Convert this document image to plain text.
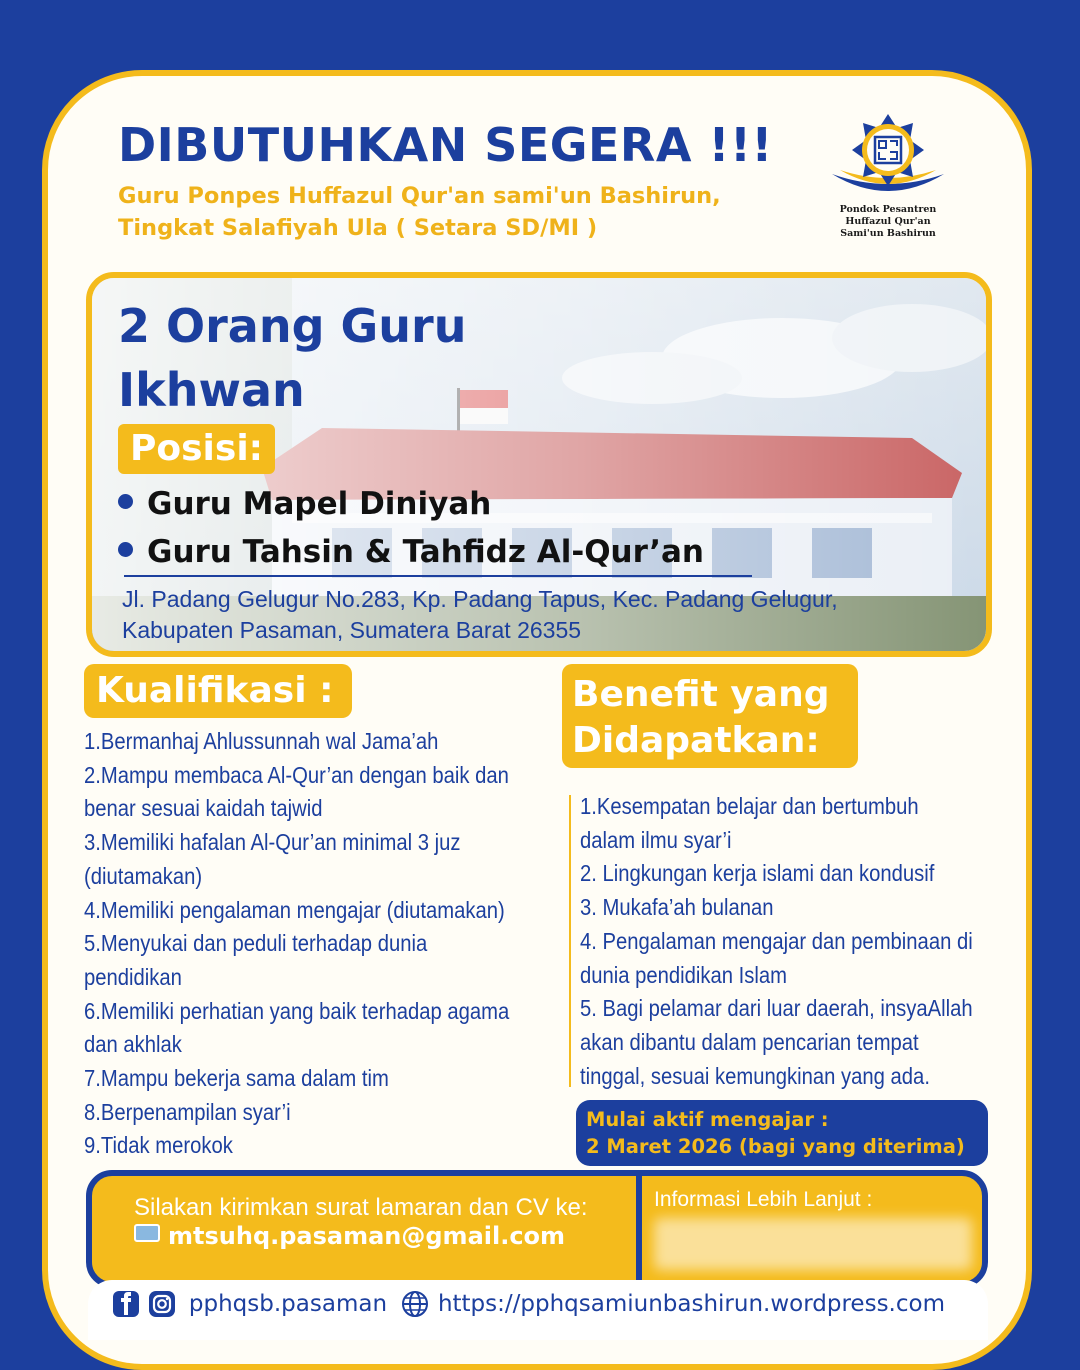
DIBUTUHKAN SEGERA !!!
Guru Ponpes Huffazul Qur'an sami'un Bashirun,
Tingkat Salafiyah Ula ( Setara SD/MI )
Pondok Pesantren
Huffazul Qur'an
Sami'un Bashirun
2 Orang Guru
Ikhwan
Posisi:
Guru Mapel Diniyah
Guru Tahsin & Tahfidz Al-Qur’an
Jl. Padang Gelugur No.283, Kp. Padang Tapus, Kec. Padang Gelugur,
Kabupaten Pasaman, Sumatera Barat 26355
Kualifikasi :
1.Bermanhaj Ahlussunnah wal Jama’ah
2.Mampu membaca Al-Qur’an dengan baik dan
benar sesuai kaidah tajwid
3.Memiliki hafalan Al-Qur’an minimal 3 juz
(diutamakan)
4.Memiliki pengalaman mengajar (diutamakan)
5.Menyukai dan peduli terhadap dunia
pendidikan
6.Memiliki perhatian yang baik terhadap agama
dan akhlak
7.Mampu bekerja sama dalam tim
8.Berpenampilan syar’i
9.Tidak merokok
Benefit yang
Didapatkan:
1.Kesempatan belajar dan bertumbuh
dalam ilmu syar’i
2. Lingkungan kerja islami dan kondusif
3. Mukafa’ah bulanan
4. Pengalaman mengajar dan pembinaan di
dunia pendidikan Islam
5. Bagi pelamar dari luar daerah, insyaAllah
akan dibantu dalam pencarian tempat
tinggal, sesuai kemungkinan yang ada.
Mulai aktif mengajar :
2 Maret 2026 (bagi yang diterima)
Silakan kirimkan surat lamaran dan CV ke:
mtsuhq.pasaman@gmail.com
Informasi Lebih Lanjut :
pphqsb.pasaman https://pphqsamiunbashirun.wordpress.com
